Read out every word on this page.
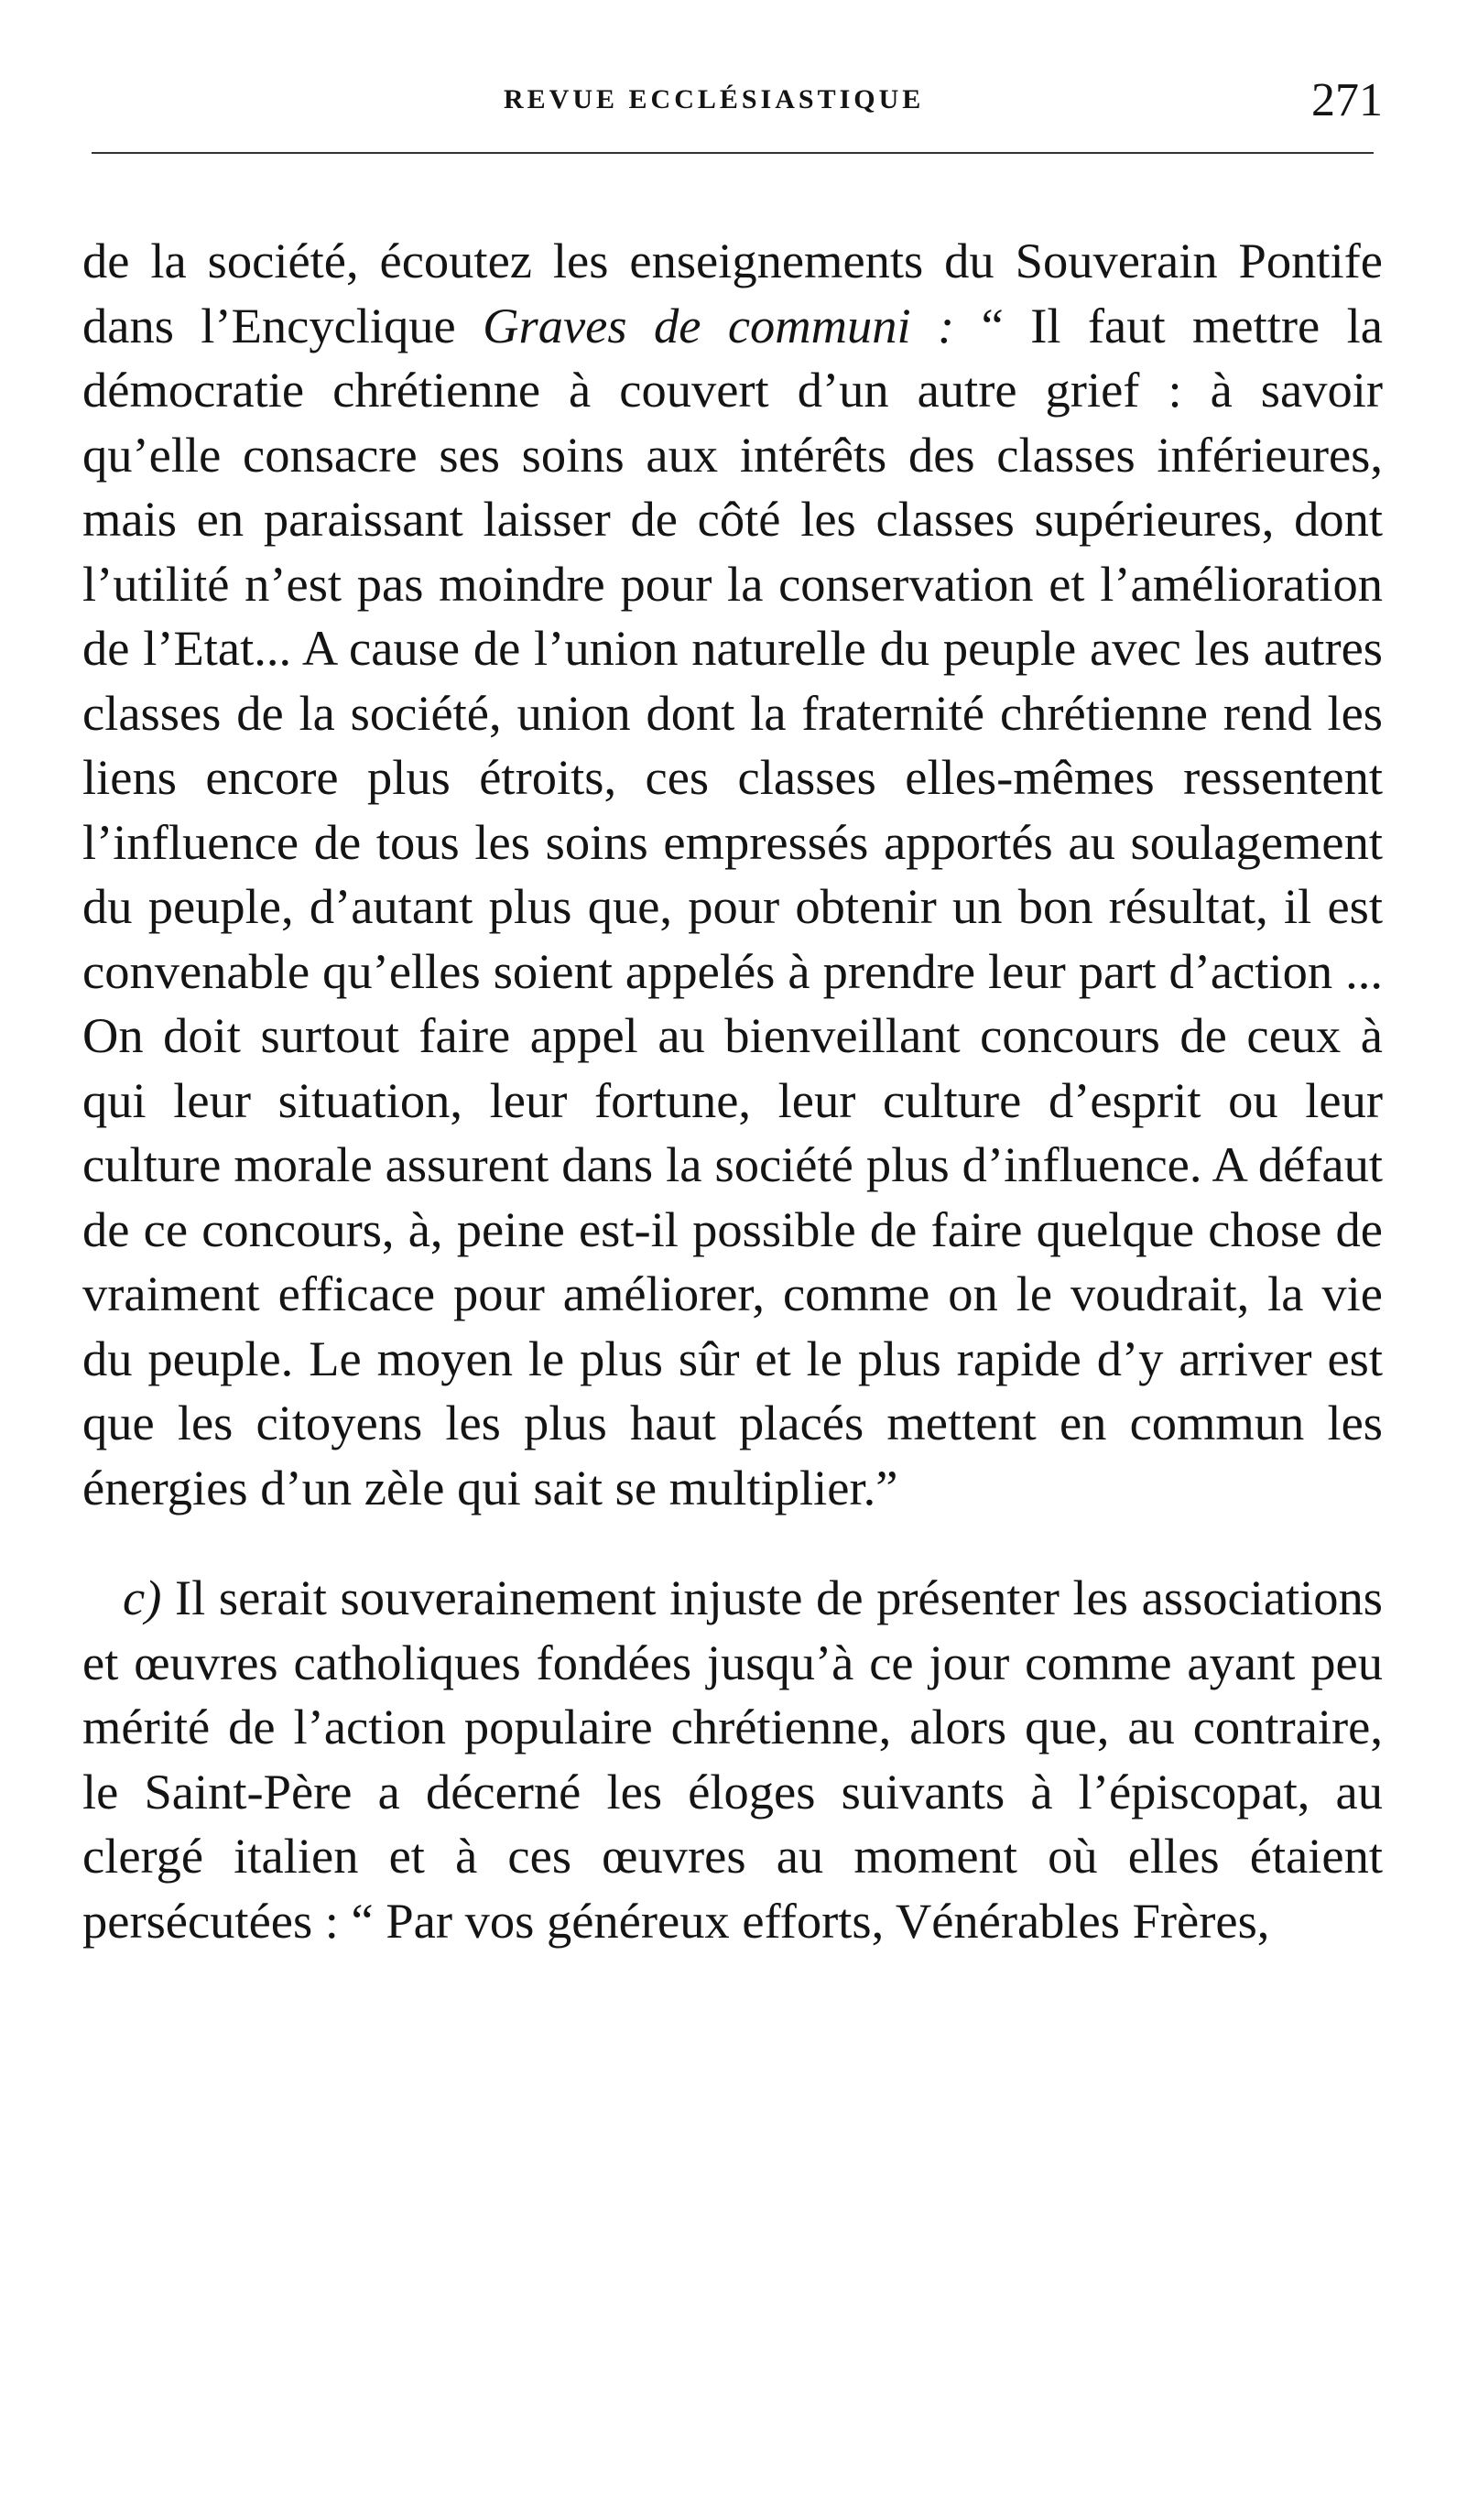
REVUE ECCLÉSIASTIQUE	271

de la société, écoutez les enseignements du Souverain Pontife dans l’Encyclique Graves de communi : “ Il faut mettre la démocratie chrétienne à couvert d’un autre grief : à savoir qu’elle consacre ses soins aux intérêts des classes inférieures, mais en paraissant laisser de côté les classes supérieures, dont l’utilité n’est pas moindre pour la conservation et l’amélioration de l’Etat... A cause de l’union naturelle du peuple avec les autres classes de la société, union dont la fraternité chrétienne rend les liens encore plus étroits, ces classes elles-mêmes ressentent l’influence de tous les soins empressés apportés au soulagement du peuple, d’autant plus que, pour obtenir un bon résultat, il est convenable qu’elles soient appelés à prendre leur part d’action ... On doit surtout faire appel au bienveillant concours de ceux à qui leur situation, leur fortune, leur culture d’esprit ou leur culture morale assurent dans la société plus d’influence. A défaut de ce concours, à, peine est-il possible de faire quelque chose de vraiment efficace pour améliorer, comme on le voudrait, la vie du peuple. Le moyen le plus sûr et le plus rapide d’y arriver est que les citoyens les plus haut placés mettent en commun les énergies d’un zèle qui sait se multiplier.”

c) Il serait souverainement injuste de présenter les associations et œuvres catholiques fondées jusqu’à ce jour comme ayant peu mérité de l’action populaire chrétienne, alors que, au contraire, le Saint-Père a décerné les éloges suivants à l’épiscopat, au clergé italien et à ces œuvres au moment où elles étaient persécutées : “ Par vos généreux efforts, Vénérables Frères,
